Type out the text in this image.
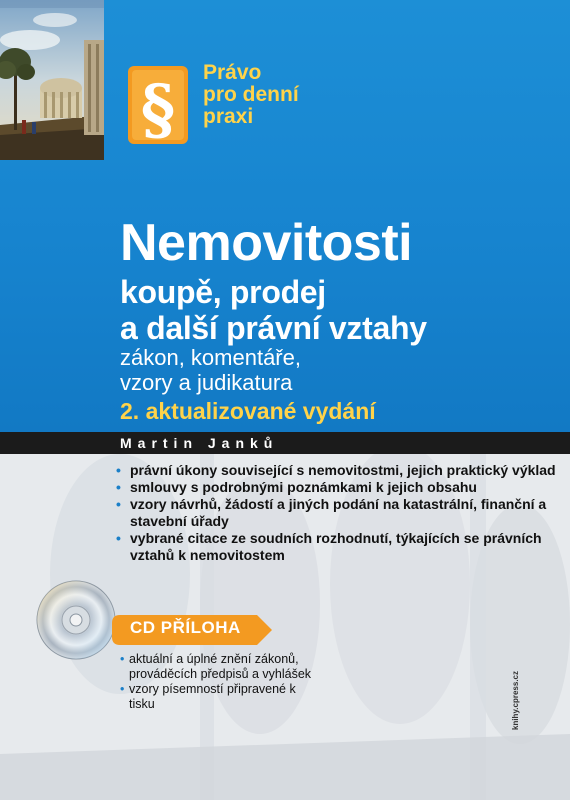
§ Právo
pro denní
praxi
Nemovitosti
koupě, prodej
a další právní vztahy
zákon, komentáře,
vzory a judikatura
2. aktualizované vydání
Martin Janků
• právní úkony související s nemovitostmi, jejich praktický výklad
• smlouvy s podrobnými poznámkami k jejich obsahu
• vzory návrhů, žádostí a jiných podání na katastrální, finanční a stavební úřady
• vybrané citace ze soudních rozhodnutí, týkajících se právních vztahů k nemovitostem
CD PŘÍLOHA
• aktuální a úplné znění zákonů, prováděcích předpisů a vyhlášek
• vzory písemností připravené k tisku	knihy.cpress.cz
